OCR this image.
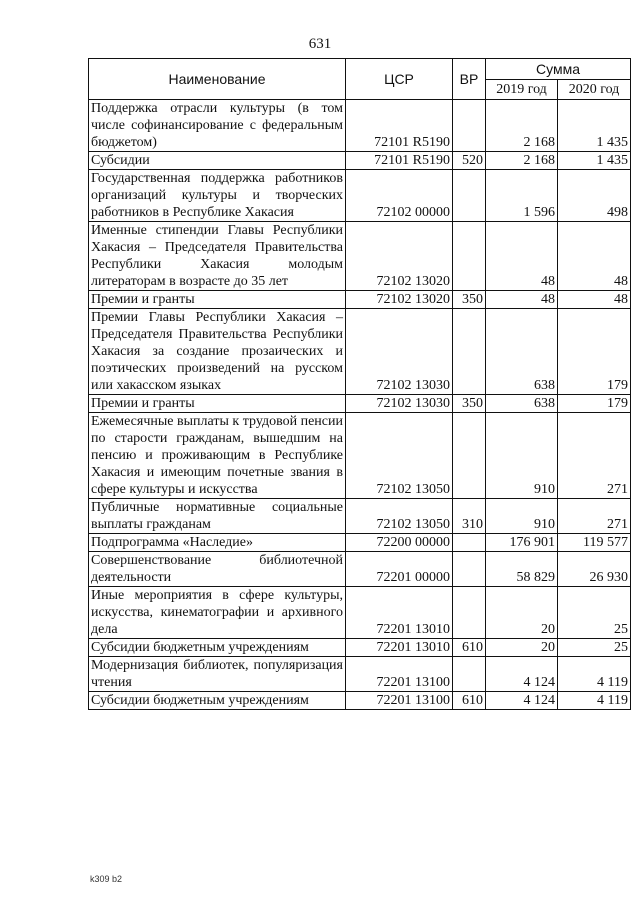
631
Наименование	ЦСР	ВР	Сумма	
			2019 год	2020 год
Поддержка отрасли культуры (в том числе софинансирование с федеральным бюджетом)	72101 R5190		2 168	1 435
Субсидии	72101 R5190	520	2 168	1 435
Государственная поддержка работников организаций культуры и творческих работников в Республике Хакасия	72102 00000		1 596	498
Именные стипендии Главы Республики Хакасия – Председателя Правительства Республики Хакасия молодым литераторам в возрасте до 35 лет	72102 13020		48	48
Премии и гранты	72102 13020	350	48	48
Премии Главы Республики Хакасия – Председателя Правительства Республики Хакасия за создание прозаических и поэтических произведений на русском или хакасском языках	72102 13030		638	179
Премии и гранты	72102 13030	350	638	179
Ежемесячные выплаты к трудовой пенсии по старости гражданам, вышедшим на пенсию и проживающим в Республике Хакасия и имеющим почетные звания в сфере культуры и искусства	72102 13050		910	271
Публичные нормативные социальные выплаты гражданам	72102 13050	310	910	271
Подпрограмма «Наследие»	72200 00000		176 901	119 577
Совершенствование библиотечной деятельности	72201 00000		58 829	26 930
Иные мероприятия в сфере культуры, искусства, кинематографии и архивного дела	72201 13010		20	25
Субсидии бюджетным учреждениям	72201 13010	610	20	25
Модернизация библиотек, популяризация чтения	72201 13100		4 124	4 119
Субсидии бюджетным учреждениям	72201 13100	610	4 124	4 119
k309 b2
